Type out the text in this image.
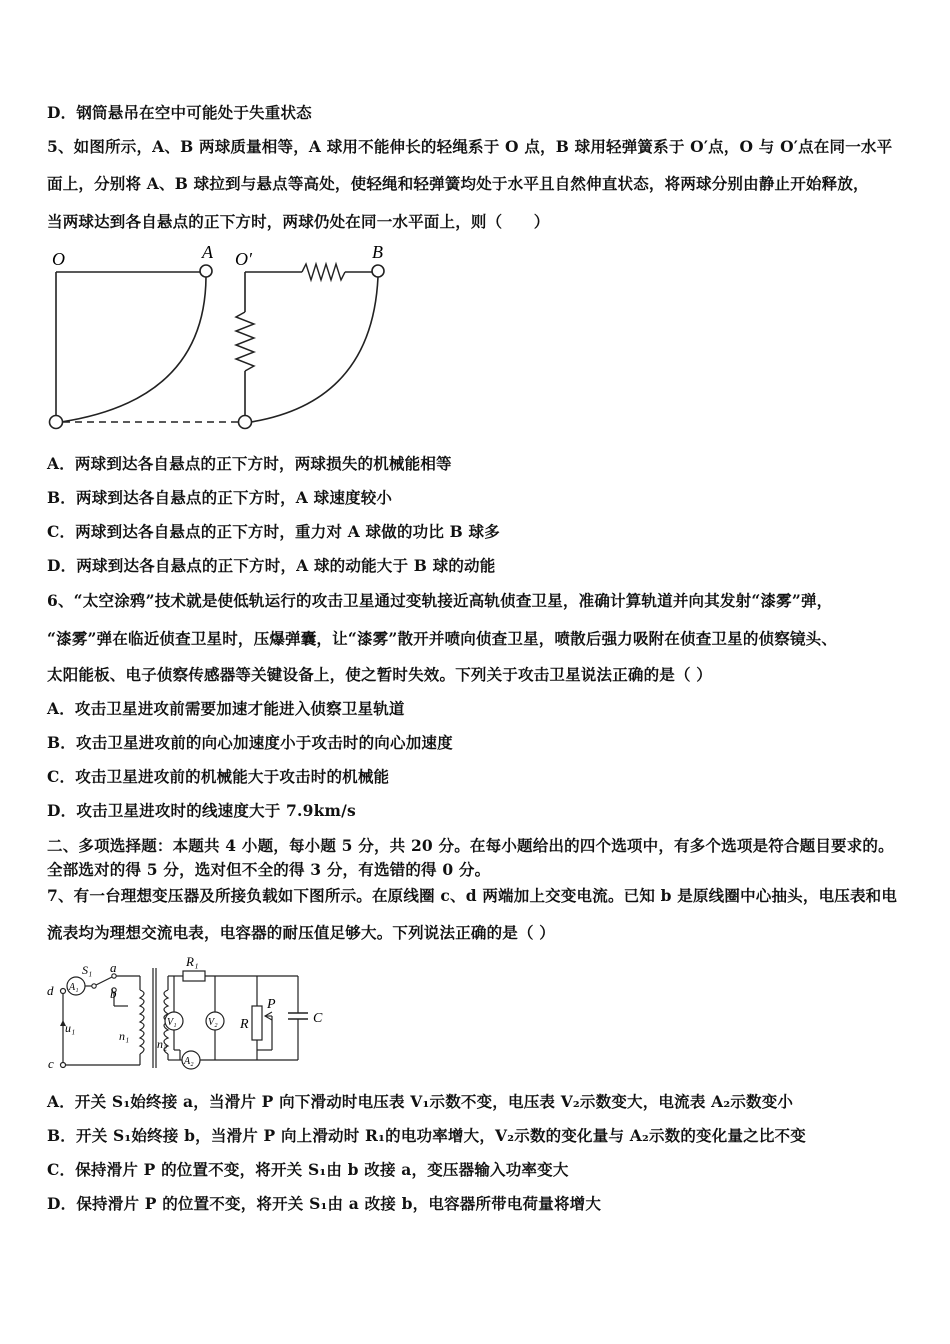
D．钢筒悬吊在空中可能处于失重状态
5、如图所示，A、B 两球质量相等，A 球用不能伸长的轻绳系于 O 点，B 球用轻弹簧系于 O′点，O 与 O′点在同一水平
面上，分别将 A、B 球拉到与悬点等高处，使轻绳和轻弹簧均处于水平且自然伸直状态，将两球分别由静止开始释放，
当两球达到各自悬点的正下方时，两球仍处在同一水平面上，则（　　）
O	A O′	B
A．两球到达各自悬点的正下方时，两球损失的机械能相等
B．两球到达各自悬点的正下方时，A 球速度较小
C．两球到达各自悬点的正下方时，重力对 A 球做的功比 B 球多
D．两球到达各自悬点的正下方时，A 球的动能大于 B 球的动能
6、“太空涂鸦”技术就是使低轨运行的攻击卫星通过变轨接近高轨侦查卫星，准确计算轨道并向其发射“漆雾”弹，
“漆雾”弹在临近侦查卫星时，压爆弹囊，让“漆雾”散开并喷向侦查卫星，喷散后强力吸附在侦查卫星的侦察镜头、
太阳能板、电子侦察传感器等关键设备上，使之暂时失效。下列关于攻击卫星说法正确的是（ ）
A．攻击卫星进攻前需要加速才能进入侦察卫星轨道
B．攻击卫星进攻前的向心加速度小于攻击时的向心加速度
C．攻击卫星进攻前的机械能大于攻击时的机械能
D．攻击卫星进攻时的线速度大于 7.9km/s
二、多项选择题：本题共 4 小题，每小题 5 分，共 20 分。在每小题给出的四个选项中，有多个选项是符合题目要求的。
全部选对的得 5 分，选对但不全的得 3 分，有选错的得 0 分。
7、有一台理想变压器及所接负载如下图所示。在原线圈 c、d 两端加上交变电流。已知 b 是原线圈中心抽头，电压表和电
流表均为理想交流电表，电容器的耐压值足够大。下列说法正确的是（ ）
d
c
S₁
A₁
a
b
u₁
n₁
n₂
V₁	V₂
A₂
R₁
R
P
C
A．开关 S₁始终接 a，当滑片 P 向下滑动时电压表 V₁示数不变，电压表 V₂示数变大，电流表 A₂示数变小
B．开关 S₁始终接 b，当滑片 P 向上滑动时 R₁的电功率增大，V₂示数的变化量与 A₂示数的变化量之比不变
C．保持滑片 P 的位置不变，将开关 S₁由 b 改接 a，变压器输入功率变大
D．保持滑片 P 的位置不变，将开关 S₁由 a 改接 b，电容器所带电荷量将增大
